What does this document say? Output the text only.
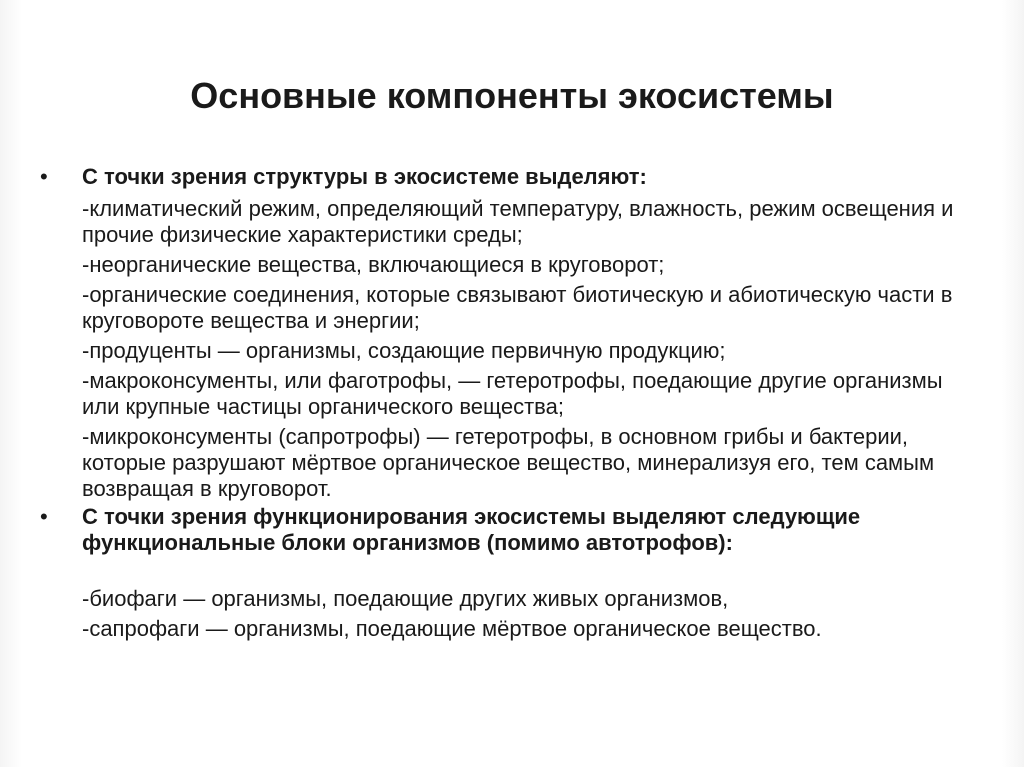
Основные компоненты экосистемы
•	С точки зрения структуры в экосистеме выделяют:
-климатический режим, определяющий температуру, влажность, режим освещения и прочие физические характеристики среды;
-неорганические вещества, включающиеся в круговорот;
-органические соединения, которые связывают биотическую и абиотическую части в круговороте вещества и энергии;
-продуценты — организмы, создающие первичную продукцию;
-макроконсументы, или фаготрофы, — гетеротрофы, поедающие другие организмы или крупные частицы органического вещества;
-микроконсументы (сапротрофы) — гетеротрофы, в основном грибы и бактерии, которые разрушают мёртвое органическое вещество, минерализуя его, тем самым возвращая в круговорот.
•	С точки зрения функционирования экосистемы выделяют следующие функциональные блоки организмов (помимо автотрофов):
-биофаги — организмы, поедающие других живых организмов,
-сапрофаги — организмы, поедающие мёртвое органическое вещество.
